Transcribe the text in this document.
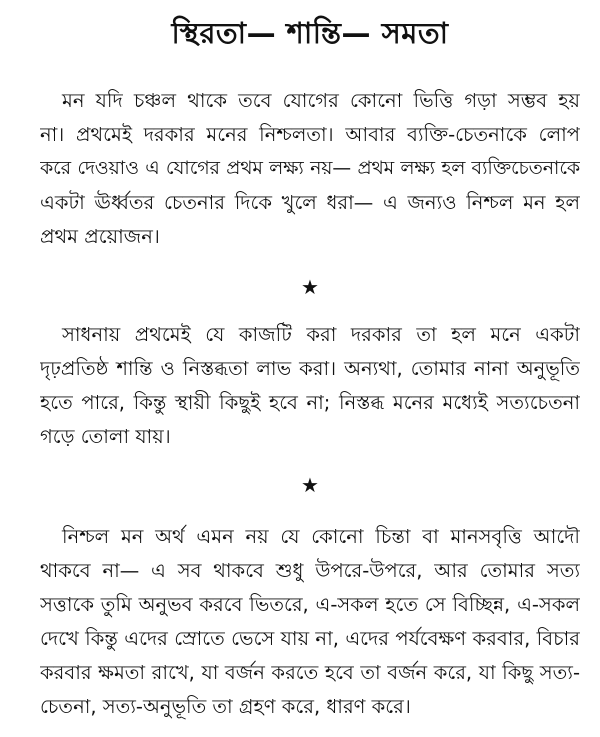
স্থিরতা— শান্তি— সমতা
মন যদি চঞ্চল থাকে তবে যোগের কোনো ভিত্তি গড়া সম্ভব হয়
না। প্রথমেই দরকার মনের নিশ্চলতা। আবার ব্যক্তি-চেতনাকে লোপ
করে দেওয়াও এ যোগের প্রথম লক্ষ্য নয়— প্রথম লক্ষ্য হল ব্যক্তিচেতনাকে
একটা ঊর্ধ্বতর চেতনার দিকে খুলে ধরা— এ জন্যও নিশ্চল মন হল
প্রথম প্রয়োজন।
★
সাধনায় প্রথমেই যে কাজটি করা দরকার তা হল মনে একটা
দৃঢ়প্রতিষ্ঠ শান্তি ও নিস্তব্ধতা লাভ করা। অন্যথা, তোমার নানা অনুভূতি
হতে পারে, কিন্তু স্থায়ী কিছুই হবে না; নিস্তব্ধ মনের মধ্যেই সত্যচেতনা
গড়ে তোলা যায়।
★
নিশ্চল মন অর্থ এমন নয় যে কোনো চিন্তা বা মানসবৃত্তি আদৌ
থাকবে না— এ সব থাকবে শুধু উপরে-উপরে, আর তোমার সত্য
সত্তাকে তুমি অনুভব করবে ভিতরে, এ-সকল হতে সে বিচ্ছিন্ন, এ-সকল
দেখে কিন্তু এদের স্রোতে ভেসে যায় না, এদের পর্যবেক্ষণ করবার, বিচার
করবার ক্ষমতা রাখে, যা বর্জন করতে হবে তা বর্জন করে, যা কিছু সত্য-
চেতনা, সত্য-অনুভূতি তা গ্রহণ করে, ধারণ করে।
